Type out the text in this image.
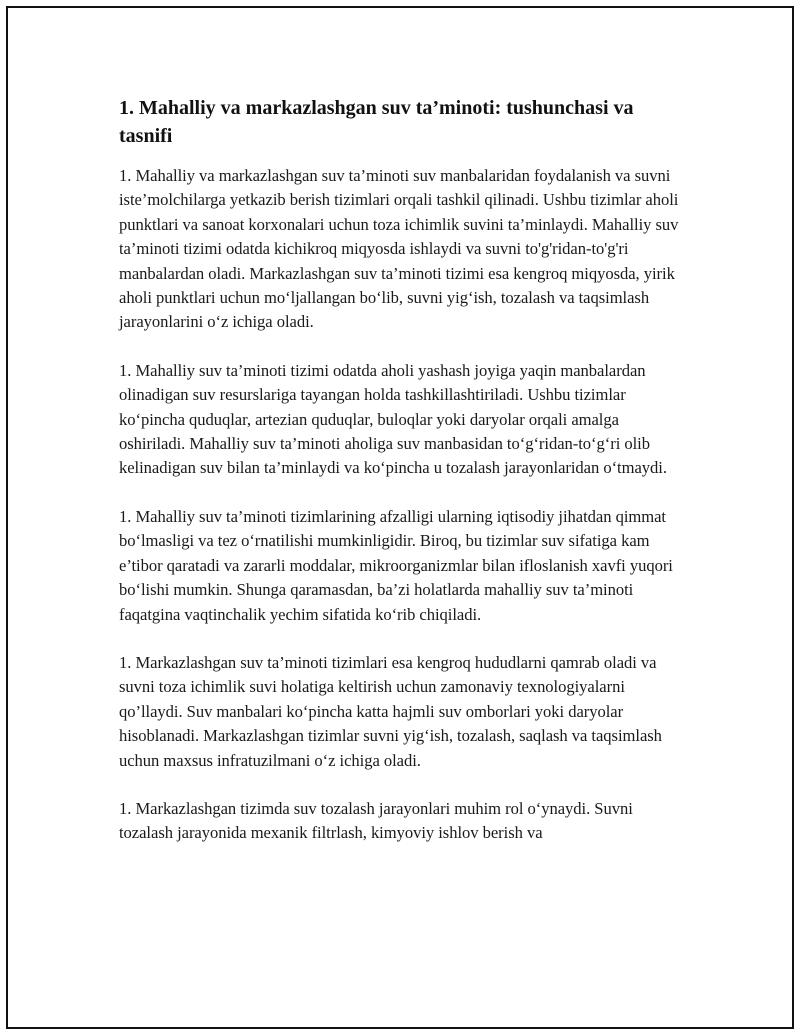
1. Mahalliy va markazlashgan suv ta’minoti: tushunchasi va tasnifi

1. Mahalliy va markazlashgan suv ta’minoti suv manbalaridan foydalanish va suvni iste’molchilarga yetkazib berish tizimlari orqali tashkil qilinadi. Ushbu tizimlar aholi punktlari va sanoat korxonalari uchun toza ichimlik suvini ta’minlaydi. Mahalliy suv ta’minoti tizimi odatda kichikroq miqyosda ishlaydi va suvni to'g'ridan-to'g'ri manbalardan oladi. Markazlashgan suv ta’minoti tizimi esa kengroq miqyosda, yirik aholi punktlari uchun mo‘ljallangan bo‘lib, suvni yig‘ish, tozalash va taqsimlash jarayonlarini o‘z ichiga oladi.

1. Mahalliy suv ta’minoti tizimi odatda aholi yashash joyiga yaqin manbalardan olinadigan suv resurslariga tayangan holda tashkillashtiriladi. Ushbu tizimlar ko‘pincha quduqlar, artezian quduqlar, buloqlar yoki daryolar orqali amalga oshiriladi. Mahalliy suv ta’minoti aholiga suv manbasidan to‘g‘ridan-to‘g‘ri olib kelinadigan suv bilan ta’minlaydi va ko‘pincha u tozalash jarayonlaridan o‘tmaydi.

1. Mahalliy suv ta’minoti tizimlarining afzalligi ularning iqtisodiy jihatdan qimmat bo‘lmasligi va tez o‘rnatilishi mumkinligidir. Biroq, bu tizimlar suv sifatiga kam e’tibor qaratadi va zararli moddalar, mikroorganizmlar bilan ifloslanish xavfi yuqori bo‘lishi mumkin. Shunga qaramasdan, ba’zi holatlarda mahalliy suv ta’minoti faqatgina vaqtinchalik yechim sifatida ko‘rib chiqiladi.

1. Markazlashgan suv ta’minoti tizimlari esa kengroq hududlarni qamrab oladi va suvni toza ichimlik suvi holatiga keltirish uchun zamonaviy texnologiyalarni qo’llaydi. Suv manbalari ko‘pincha katta hajmli suv omborlari yoki daryolar hisoblanadi. Markazlashgan tizimlar suvni yig‘ish, tozalash, saqlash va taqsimlash uchun maxsus infratuzilmani o‘z ichiga oladi.

1. Markazlashgan tizimda suv tozalash jarayonlari muhim rol o‘ynaydi. Suvni tozalash jarayonida mexanik filtrlash, kimyoviy ishlov berish va
